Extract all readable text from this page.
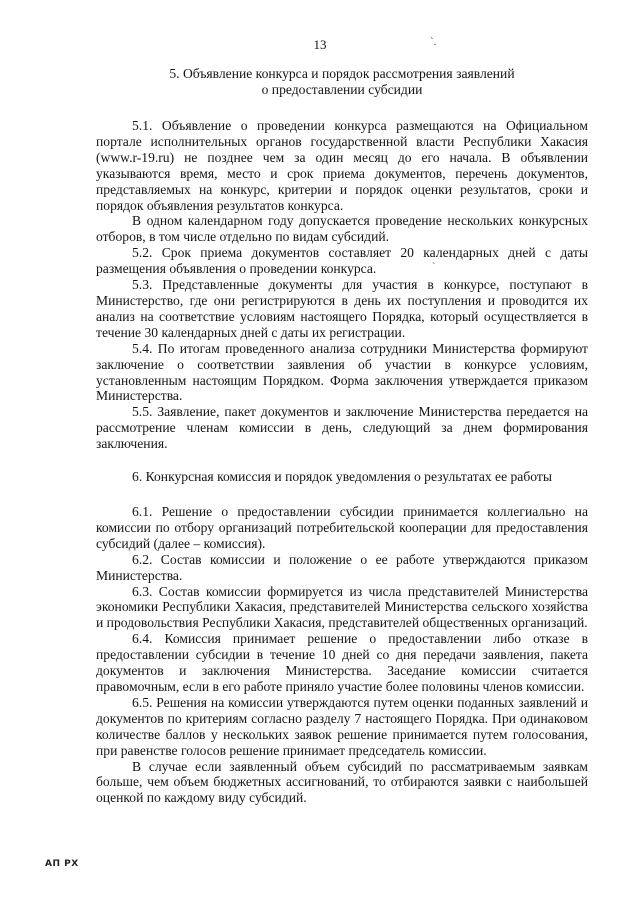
13	`.
`
5. Объявление конкурса и порядок рассмотрения заявлений
о предоставлении субсидии

5.1. Объявление о проведении конкурса размещаются на Официальном портале исполнительных органов государственной власти Республики Хакасия (www.r-19.ru) не позднее чем за один месяц до его начала. В объявлении указываются время, место и срок приема документов, перечень документов, представляемых на конкурс, критерии и порядок оценки результатов, сроки и порядок объявления результатов конкурса.

В одном календарном году допускается проведение нескольких конкурсных отборов, в том числе отдельно по видам субсидий.

5.2. Срок приема документов составляет 20 календарных дней с даты размещения объявления о проведении конкурса.

5.3. Представленные документы для участия в конкурсе, поступают в Министерство, где они регистрируются в день их поступления и проводится их анализ на соответствие условиям настоящего Порядка, который осуществляется в течение 30 календарных дней с даты их регистрации.

5.4. По итогам проведенного анализа сотрудники Министерства формируют заключение о соответствии заявления об участии в конкурсе условиям, установленным настоящим Порядком. Форма заключения утверждается приказом Министерства.

5.5. Заявление, пакет документов и заключение Министерства передается на рассмотрение членам комиссии в день, следующий за днем формирования заключения.

6. Конкурсная комиссия и порядок уведомления о результатах ее работы

6.1. Решение о предоставлении субсидии принимается коллегиально на комиссии по отбору организаций потребительской кооперации для предоставления субсидий (далее – комиссия).

6.2. Состав комиссии и положение о ее работе утверждаются приказом Министерства.

6.3. Состав комиссии формируется из числа представителей Министерства экономики Республики Хакасия, представителей Министерства сельского хозяйства и продовольствия Республики Хакасия, представителей общественных организаций.

6.4. Комиссия принимает решение о предоставлении либо отказе в предоставлении субсидии в течение 10 дней со дня передачи заявления, пакета документов и заключения Министерства. Заседание комиссии считается правомочным, если в его работе приняло участие более половины членов комиссии.

6.5. Решения на комиссии утверждаются путем оценки поданных заявлений и документов по критериям согласно разделу 7 настоящего Порядка. При одинаковом количестве баллов у нескольких заявок решение принимается путем голосования, при равенстве голосов решение принимает председатель комиссии.

В случае если заявленный объем субсидий по рассматриваемым заявкам больше, чем объем бюджетных ассигнований, то отбираются заявки с наибольшей оценкой по каждому виду субсидий.

АП РХ
